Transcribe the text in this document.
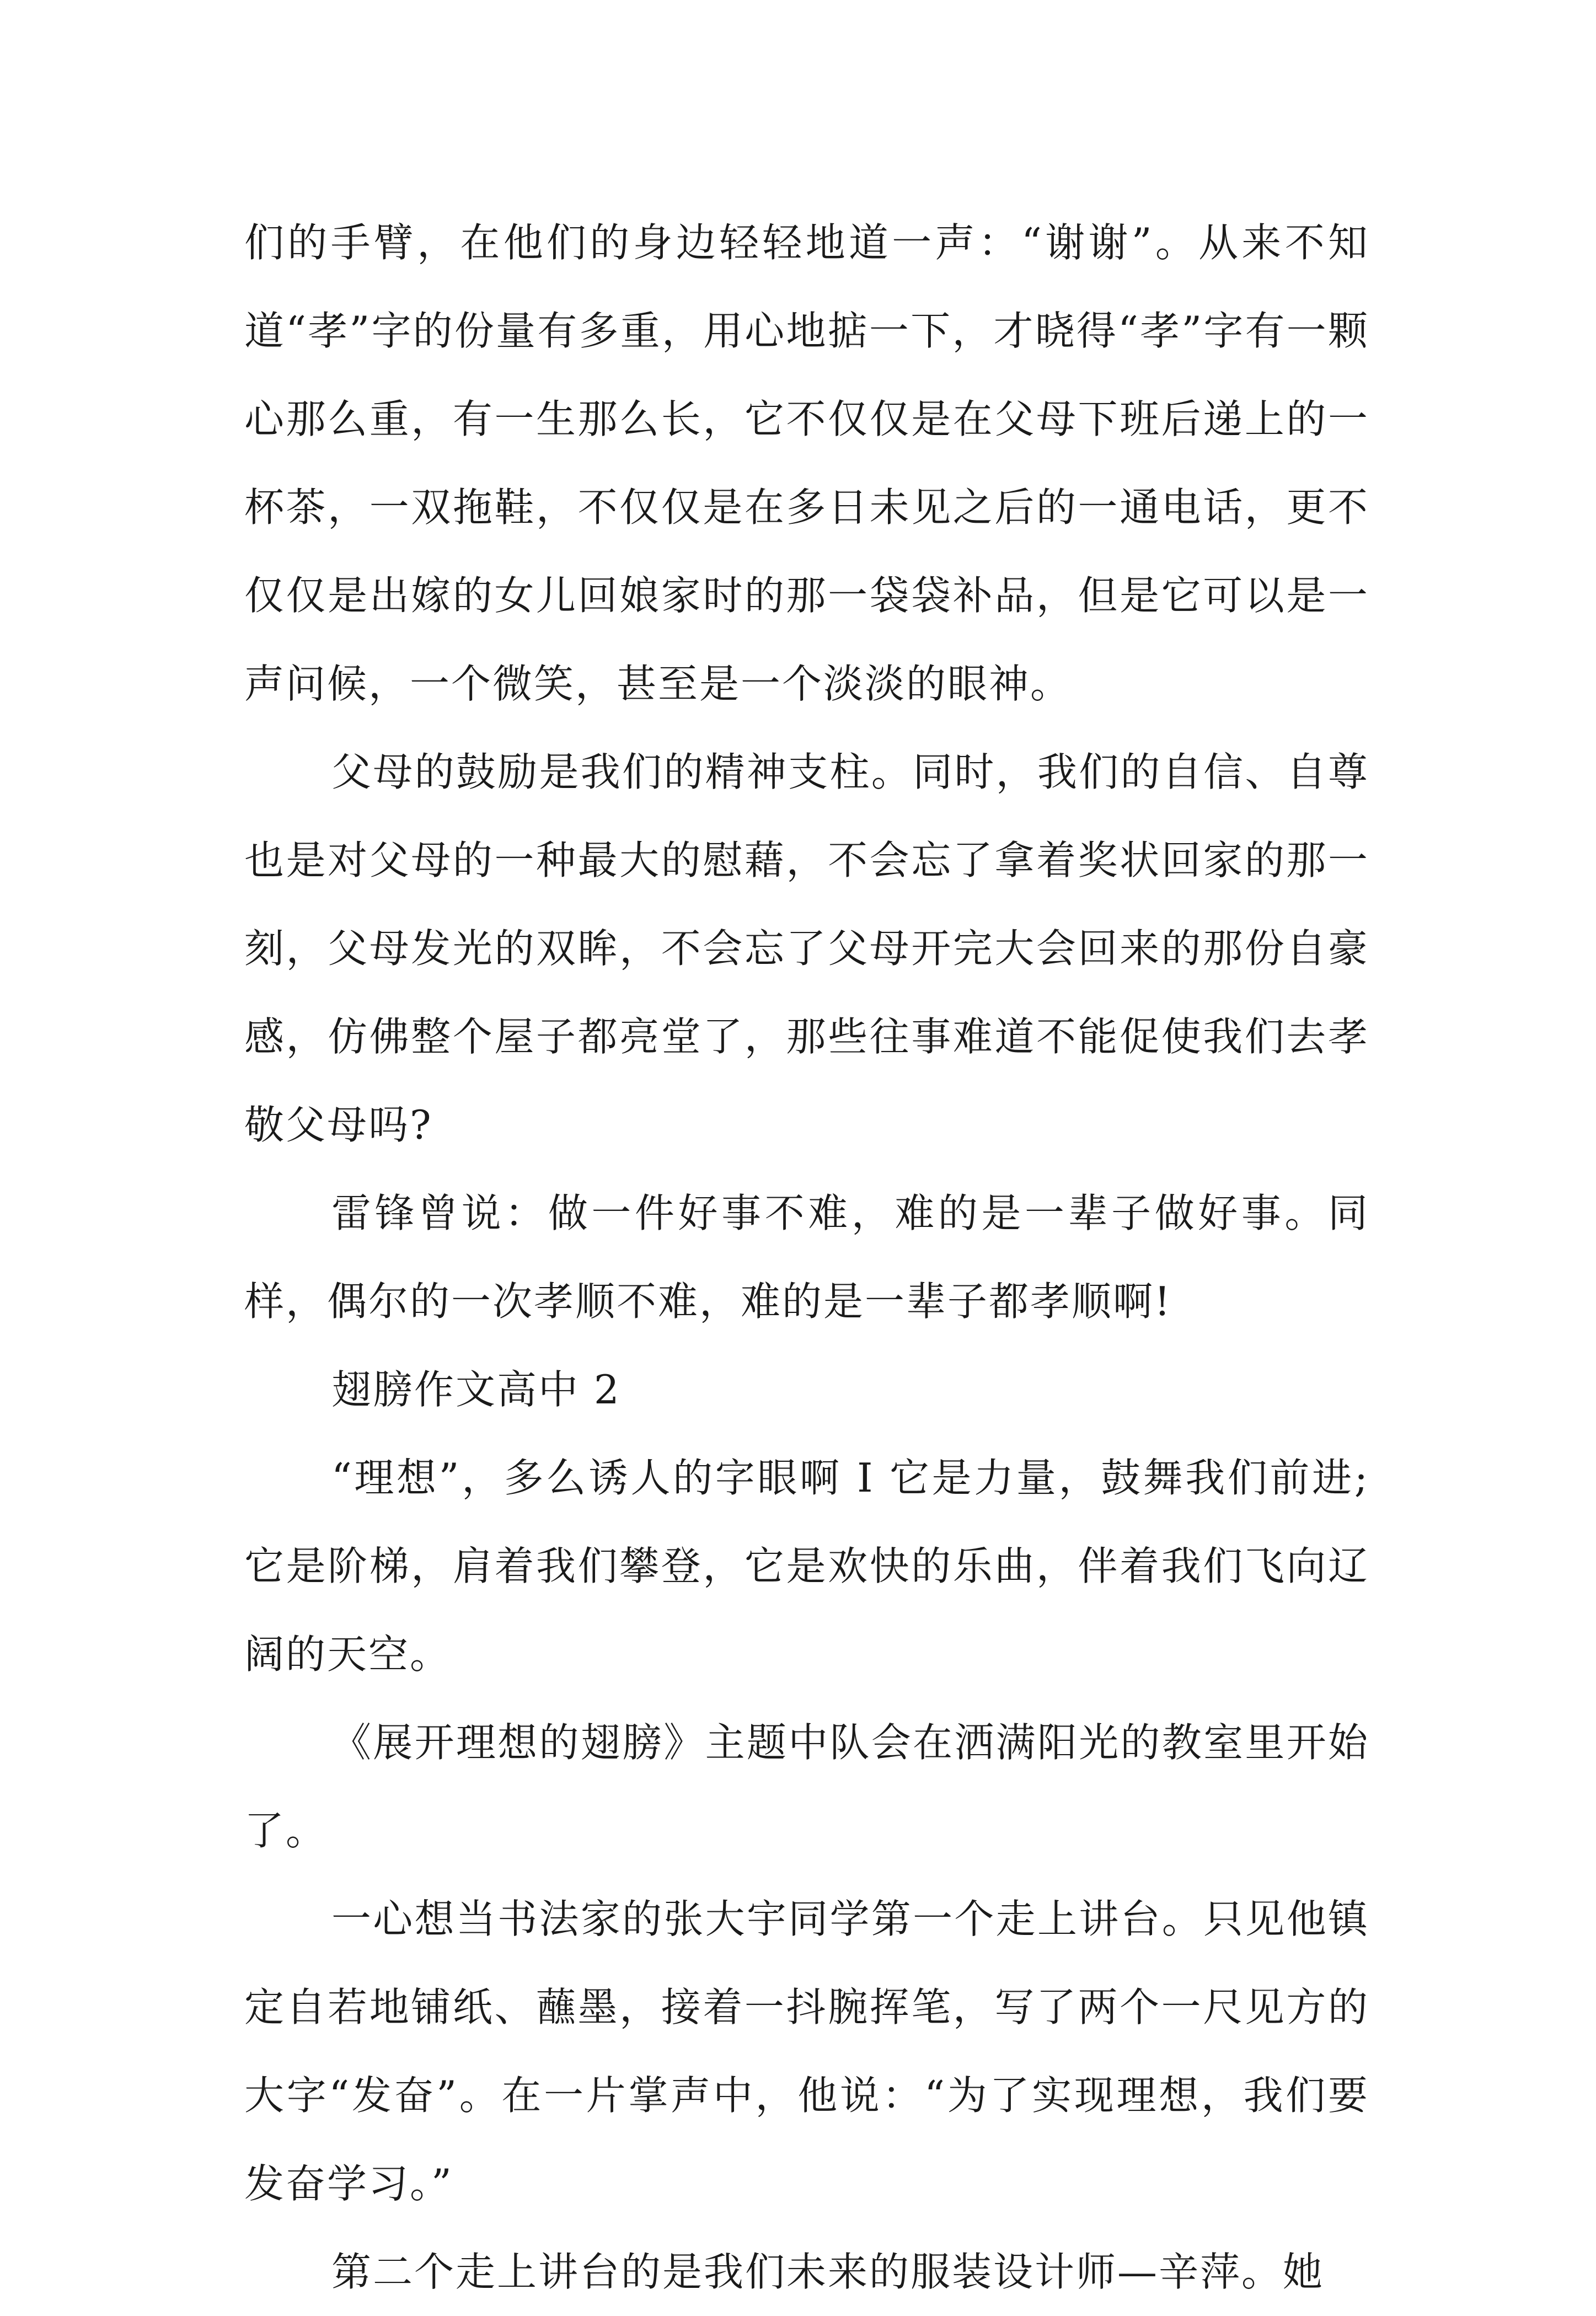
们的手臂，在他们的身边轻轻地道一声：“谢谢”。从来不知道“孝”字的份量有多重，用心地掂一下，才晓得“孝”字有一颗心那么重，有一生那么长，它不仅仅是在父母下班后递上的一杯茶，一双拖鞋，不仅仅是在多日未见之后的一通电话，更不仅仅是出嫁的女儿回娘家时的那一袋袋补品，但是它可以是一声问候，一个微笑，甚至是一个淡淡的眼神。

父母的鼓励是我们的精神支柱。同时，我们的自信、自尊也是对父母的一种最大的慰藉，不会忘了拿着奖状回家的那一刻，父母发光的双眸，不会忘了父母开完大会回来的那份自豪感，仿佛整个屋子都亮堂了，那些往事难道不能促使我们去孝敬父母吗?

雷锋曾说：做一件好事不难，难的是一辈子做好事。同样，偶尔的一次孝顺不难，难的是一辈子都孝顺啊!

翅膀作文高中 2

“理想”，多么诱人的字眼啊 I 它是力量，鼓舞我们前进;它是阶梯，肩着我们攀登，它是欢快的乐曲，伴着我们飞向辽阔的天空。

《展开理想的翅膀》主题中队会在洒满阳光的教室里开始了。

一心想当书法家的张大宇同学第一个走上讲台。只见他镇定自若地铺纸、蘸墨，接着一抖腕挥笔，写了两个一尺见方的大字“发奋”。在一片掌声中，他说：“为了实现理想，我们要发奋学习。”

第二个走上讲台的是我们未来的服装设计师—辛萍。她
